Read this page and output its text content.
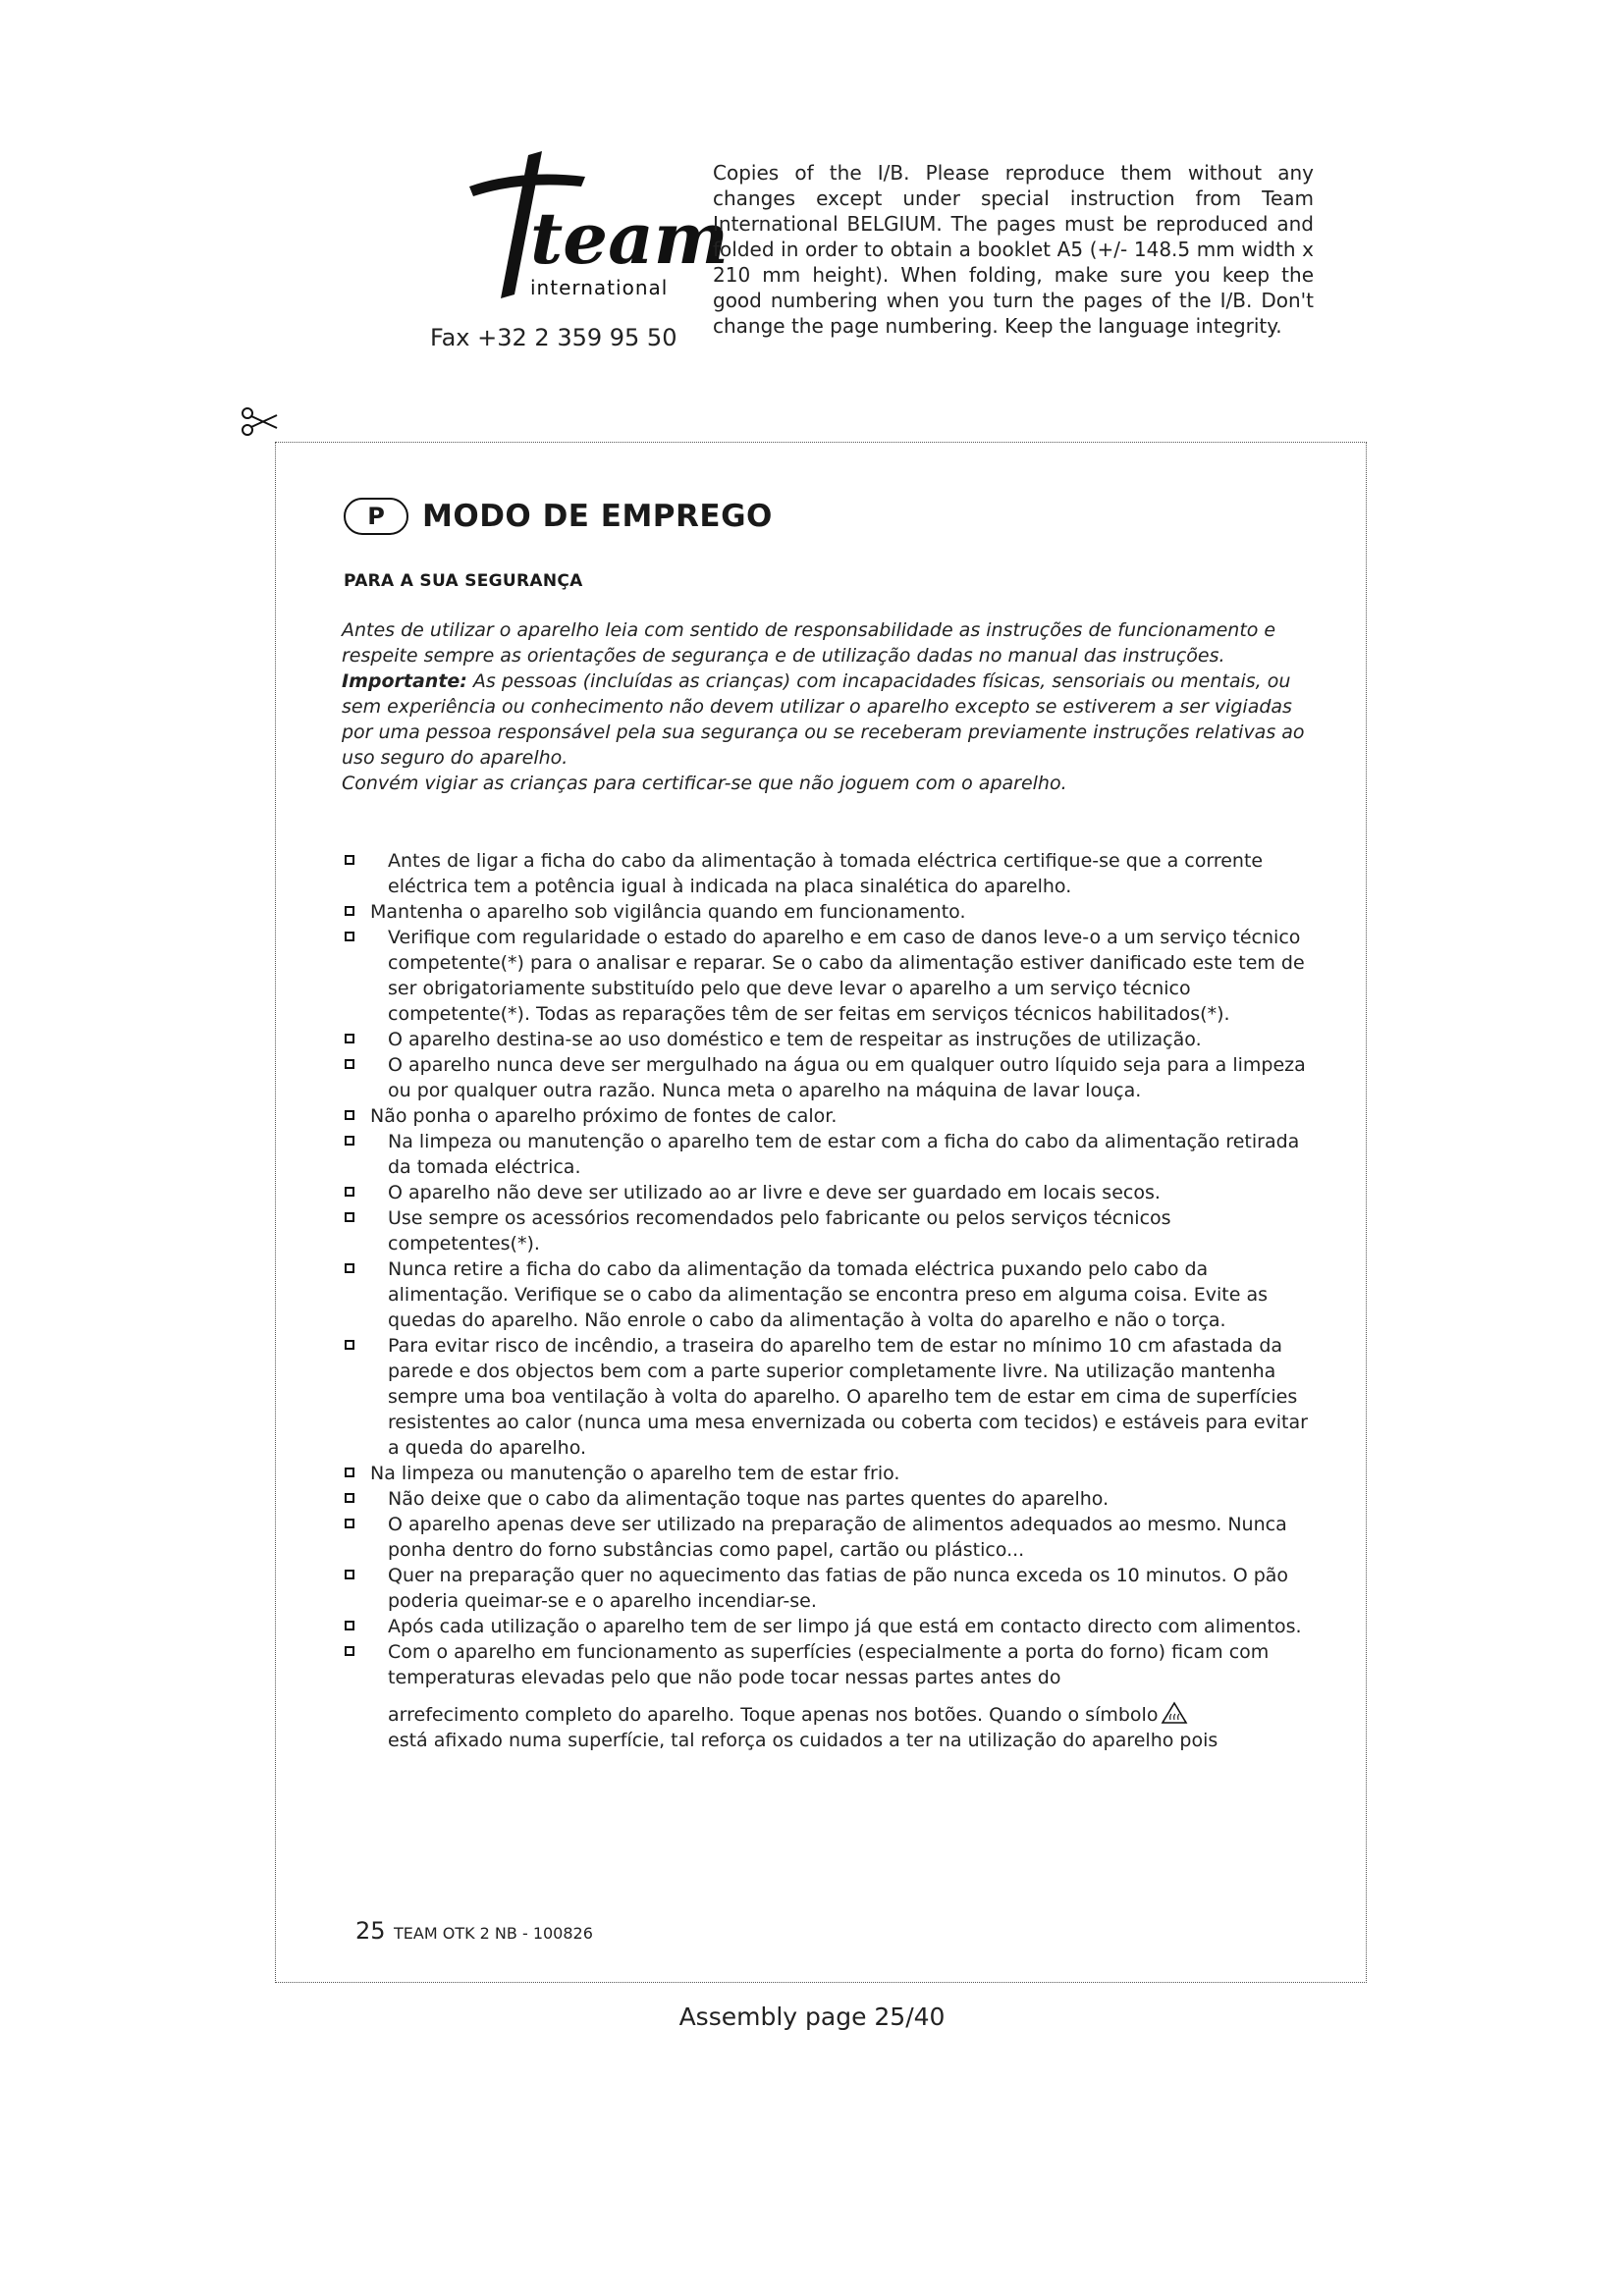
team
international
Fax +32 2 359 95 50
Copies of the I/B. Please reproduce them without any changes except under special instruction from Team International BELGIUM. The pages must be reproduced and folded in order to obtain a booklet A5 (+/- 148.5 mm width x 210 mm height). When folding, make sure you keep the good numbering when you turn the pages of the I/B. Don't change the page numbering. Keep the language integrity.
P	MODO DE EMPREGO
PARA A SUA SEGURANÇA

Antes de utilizar o aparelho leia com sentido de responsabilidade as instruções de funcionamento e respeite sempre as orientações de segurança e de utilização dadas no manual das instruções.

Importante: As pessoas (incluídas as crianças) com incapacidades físicas, sensoriais ou mentais, ou sem experiência ou conhecimento não devem utilizar o aparelho excepto se estiverem a ser vigiadas por uma pessoa responsável pela sua segurança ou se receberam previamente instruções relativas ao uso seguro do aparelho.

Convém vigiar as crianças para certificar-se que não joguem com o aparelho.

Antes de ligar a ficha do cabo da alimentação à tomada eléctrica certifique-se que a corrente eléctrica tem a potência igual à indicada na placa sinalética do aparelho.
Mantenha o aparelho sob vigilância quando em funcionamento.
Verifique com regularidade o estado do aparelho e em caso de danos leve-o a um serviço técnico competente(*) para o analisar e reparar. Se o cabo da alimentação estiver danificado este tem de ser obrigatoriamente substituído pelo que deve levar o aparelho a um serviço técnico competente(*). Todas as reparações têm de ser feitas em serviços técnicos habilitados(*).
O aparelho destina-se ao uso doméstico e tem de respeitar as instruções de utilização.
O aparelho nunca deve ser mergulhado na água ou em qualquer outro líquido seja para a limpeza ou por qualquer outra razão. Nunca meta o aparelho na máquina de lavar louça.
Não ponha o aparelho próximo de fontes de calor.
Na limpeza ou manutenção o aparelho tem de estar com a ficha do cabo da alimentação retirada da tomada eléctrica.
O aparelho não deve ser utilizado ao ar livre e deve ser guardado em locais secos.
Use sempre os acessórios recomendados pelo fabricante ou pelos serviços técnicos competentes(*).
Nunca retire a ficha do cabo da alimentação da tomada eléctrica puxando pelo cabo da alimentação. Verifique se o cabo da alimentação se encontra preso em alguma coisa. Evite as quedas do aparelho. Não enrole o cabo da alimentação à volta do aparelho e não o torça.
Para evitar risco de incêndio, a traseira do aparelho tem de estar no mínimo 10 cm afastada da parede e dos objectos bem com a parte superior completamente livre. Na utilização mantenha sempre uma boa ventilação à volta do aparelho. O aparelho tem de estar em cima de superfícies resistentes ao calor (nunca uma mesa envernizada ou coberta com tecidos) e estáveis para evitar a queda do aparelho.
Na limpeza ou manutenção o aparelho tem de estar frio.
Não deixe que o cabo da alimentação toque nas partes quentes do aparelho.
O aparelho apenas deve ser utilizado na preparação de alimentos adequados ao mesmo. Nunca ponha dentro do forno substâncias como papel, cartão ou plástico...
Quer na preparação quer no aquecimento das fatias de pão nunca exceda os 10 minutos. O pão poderia queimar-se e o aparelho incendiar-se.
Após cada utilização o aparelho tem de ser limpo já que está em contacto directo com alimentos.
Com o aparelho em funcionamento as superfícies (especialmente a porta do forno) ficam com temperaturas elevadas pelo que não pode tocar nessas partes antes do
arrefecimento completo do aparelho. Toque apenas nos botões. Quando o símbolo
está afixado numa superfície, tal reforça os cuidados a ter na utilização do aparelho pois
25 TEAM OTK 2 NB - 100826
Assembly page 25/40
